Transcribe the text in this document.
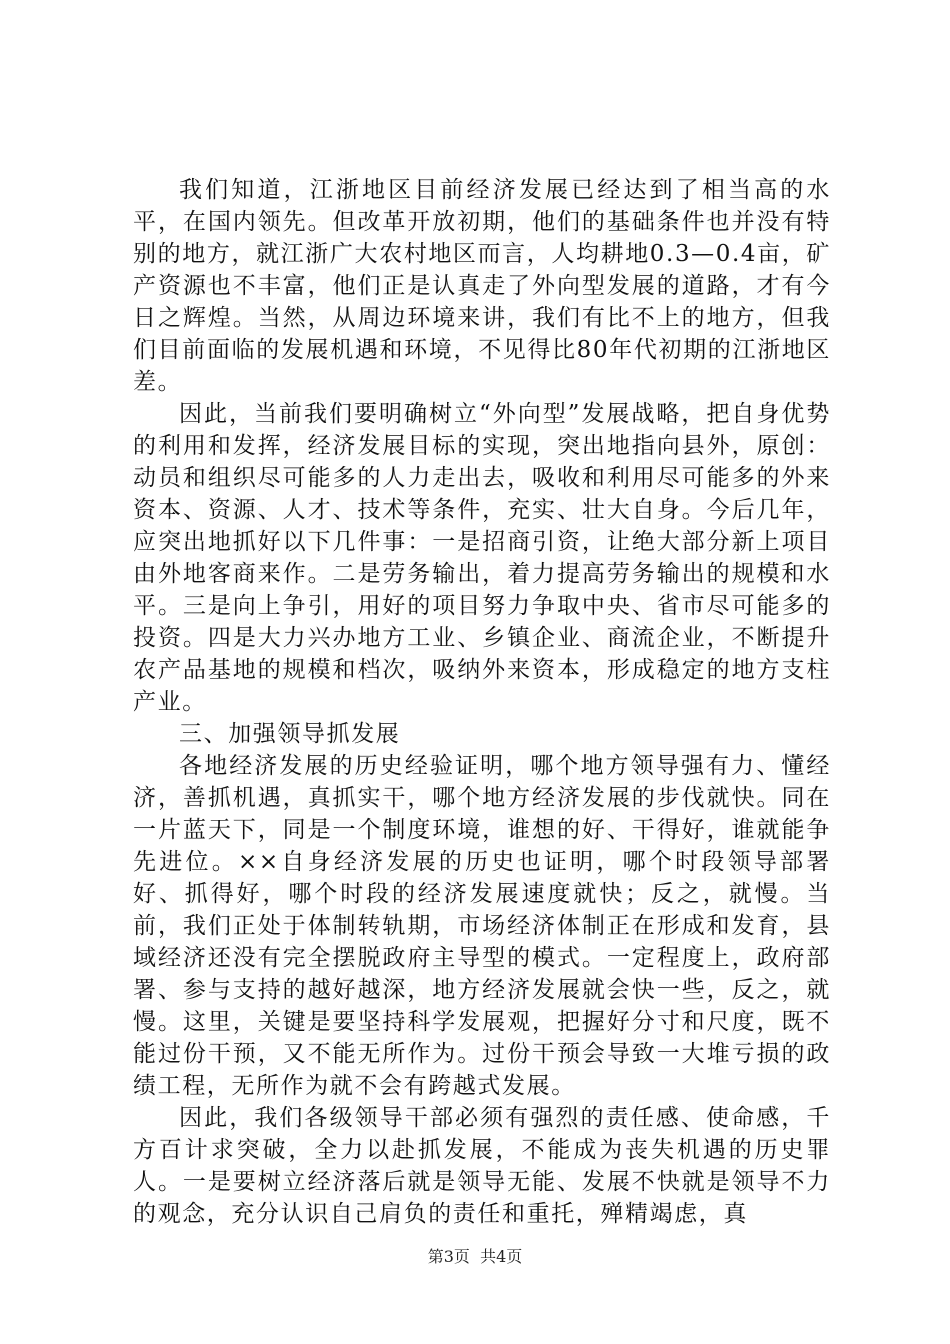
我们知道，江浙地区目前经济发展已经达到了相当高的水平，在国内领先。但改革开放初期，他们的基础条件也并没有特别的地方，就江浙广大农村地区而言，人均耕地0.3—0.4亩，矿产资源也不丰富，他们正是认真走了外向型发展的道路，才有今日之辉煌。当然，从周边环境来讲，我们有比不上的地方，但我们目前面临的发展机遇和环境，不见得比80年代初期的江浙地区差。

因此，当前我们要明确树立“外向型”发展战略，把自身优势的利用和发挥，经济发展目标的实现，突出地指向县外，原创：动员和组织尽可能多的人力走出去，吸收和利用尽可能多的外来资本、资源、人才、技术等条件，充实、壮大自身。今后几年，应突出地抓好以下几件事：一是招商引资，让绝大部分新上项目由外地客商来作。二是劳务输出，着力提高劳务输出的规模和水平。三是向上争引，用好的项目努力争取中央、省市尽可能多的投资。四是大力兴办地方工业、乡镇企业、商流企业，不断提升农产品基地的规模和档次，吸纳外来资本，形成稳定的地方支柱产业。

三、加强领导抓发展

各地经济发展的历史经验证明，哪个地方领导强有力、懂经济，善抓机遇，真抓实干，哪个地方经济发展的步伐就快。同在一片蓝天下，同是一个制度环境，谁想的好、干得好，谁就能争先进位。××自身经济发展的历史也证明，哪个时段领导部署好、抓得好，哪个时段的经济发展速度就快；反之，就慢。当前，我们正处于体制转轨期，市场经济体制正在形成和发育，县域经济还没有完全摆脱政府主导型的模式。一定程度上，政府部署、参与支持的越好越深，地方经济发展就会快一些，反之，就慢。这里，关键是要坚持科学发展观，把握好分寸和尺度，既不能过份干预，又不能无所作为。过份干预会导致一大堆亏损的政绩工程，无所作为就不会有跨越式发展。

因此，我们各级领导干部必须有强烈的责任感、使命感，千方百计求突破，全力以赴抓发展，不能成为丧失机遇的历史罪人。一是要树立经济落后就是领导无能、发展不快就是领导不力的观念，充分认识自己肩负的责任和重托，殚精竭虑，真

第3页  共4页
